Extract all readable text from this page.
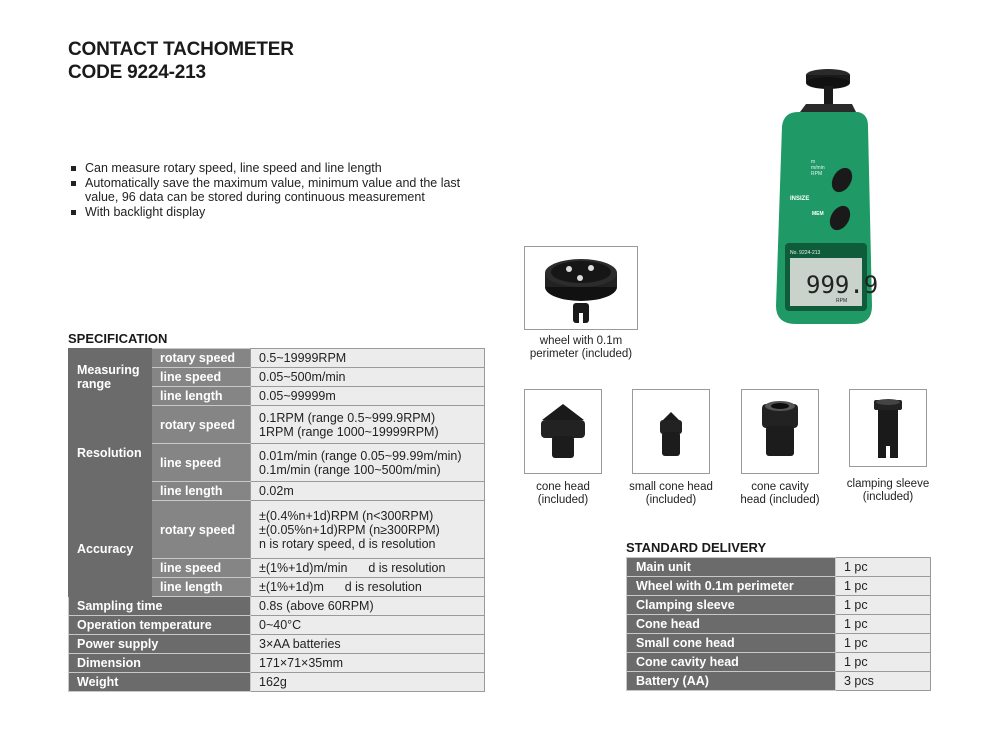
CONTACT TACHOMETER
CODE 9224-213
Can measure rotary speed, line speed and line length
Automatically save the maximum value, minimum value and the last value, 96 data can be stored during continuous measurement
With backlight display
SPECIFICATION
Measuring range	rotary speed	0.5~19999RPM
	line speed	0.05~500m/min
	line length	0.05~99999m
Resolution	rotary speed	0.1RPM (range 0.5~999.9RPM)
1RPM (range 1000~19999RPM)

	line speed	0.01m/min (range 0.05~99.99m/min)
0.1m/min (range 100~500m/min)

	line length	0.02m
Accuracy	rotary speed	±(0.4%n+1d)RPM (n<300RPM)
±(0.05%n+1d)RPM (n≥300RPM)
n is rotary speed, d is resolution

	line speed	±(1%+1d)m/min      d is resolution
	line length	±(1%+1d)m      d is resolution
Sampling time		0.8s (above 60RPM)
Operation temperature		0~40°C
Power supply		3×AA batteries
Dimension		171×71×35mm
Weight		162g
STANDARD DELIVERY
Main unit	1 pc
Wheel with 0.1m perimeter	1 pc
Clamping sleeve	1 pc
Cone head	1 pc
Small cone head	1 pc
Cone cavity head	1 pc
Battery (AA)	3 pcs
wheel with 0.1m
perimeter (included)
cone head
(included)
small cone head
(included)
cone cavity
head (included)
clamping sleeve
(included)
m
m/min
RPM
INSIZE
MEM
No. 9224-213
999.9
RPM
